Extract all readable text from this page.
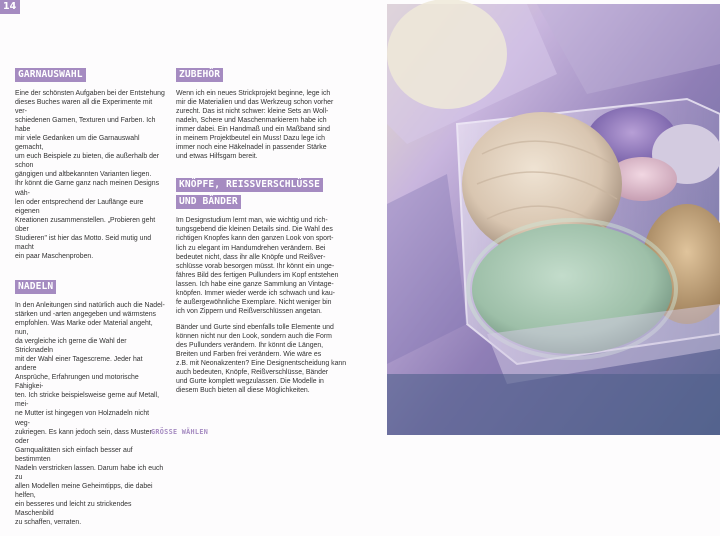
14
GARNAUSWAHL

Eine der schönsten Aufgaben bei der Entstehung
dieses Buches waren all die Experimente mit ver-
schiedenen Garnen, Texturen und Farben. Ich habe
mir viele Gedanken um die Garnauswahl gemacht,
um euch Beispiele zu bieten, die außerhalb der schon
gängigen und altbekannten Varianten liegen.
Ihr könnt die Garne ganz nach meinen Designs wäh-
len oder entsprechend der Lauflänge eure eigenen
Kreationen zusammenstellen. „Probieren geht über
Studieren" ist hier das Motto. Seid mutig und macht
ein paar Maschenproben.

NADELN

In den Anleitungen sind natürlich auch die Nadel-
stärken und -arten angegeben und wärmstens
empfohlen. Was Marke oder Material angeht, nun,
da vergleiche ich gerne die Wahl der Stricknadeln
mit der Wahl einer Tagescreme. Jeder hat andere
Ansprüche, Erfahrungen und motorische Fähigkei-
ten. Ich stricke beispielsweise gerne auf Metall, mei-
ne Mutter ist hingegen von Holznadeln nicht weg-
zukriegen. Es kann jedoch sein, dass Muster oder
Garnqualitäten sich einfach besser auf bestimmten
Nadeln verstricken lassen. Darum habe ich euch zu
allen Modellen meine Geheimtipps, die dabei helfen,
ein besseres und leicht zu strickendes Maschenbild
zu schaffen, verraten.

ZUBEHÖR

Wenn ich ein neues Strickprojekt beginne, lege ich
mir die Materialien und das Werkzeug schon vorher
zurecht. Das ist nicht schwer: kleine Sets an Woll-
nadeln, Schere und Maschenmarkierern habe ich
immer dabei. Ein Handmaß und ein Maßband sind
in meinem Projektbeutel ein Muss! Dazu lege ich
immer noch eine Häkelnadel in passender Stärke
und etwas Hilfsgarn bereit.

KNÖPFE, REISSVERSCHLÜSSE
UND BÄNDER

Im Designstudium lernt man, wie wichtig und rich-
tungsgebend die kleinen Details sind. Die Wahl des
richtigen Knopfes kann den ganzen Look von sport-
lich zu elegant im Handumdrehen verändern. Bei
bedeutet nicht, dass ihr alle Knöpfe und Reißver-
schlüsse vorab besorgen müsst. Ihr könnt ein unge-
fähres Bild des fertigen Pullunders im Kopf entstehen
lassen. Ich habe eine ganze Sammlung an Vintage-
knöpfen. Immer wieder werde ich schwach und kau-
fe außergewöhnliche Exemplare. Nicht weniger bin
ich von Zippern und Reißverschlüssen angetan.

Bänder und Gurte sind ebenfalls tolle Elemente und
können nicht nur den Look, sondern auch die Form
des Pullunders verändern. Ihr könnt die Längen,
Breiten und Farben frei verändern. Wie wäre es
z.B. mit Neonakzenten? Eine Designentscheidung kann
auch bedeuten, Knöpfe, Reißverschlüsse, Bänder
und Gurte komplett wegzulassen. Die Modelle in
diesem Buch bieten all diese Möglichkeiten.

GRÖSSE WÄHLEN
